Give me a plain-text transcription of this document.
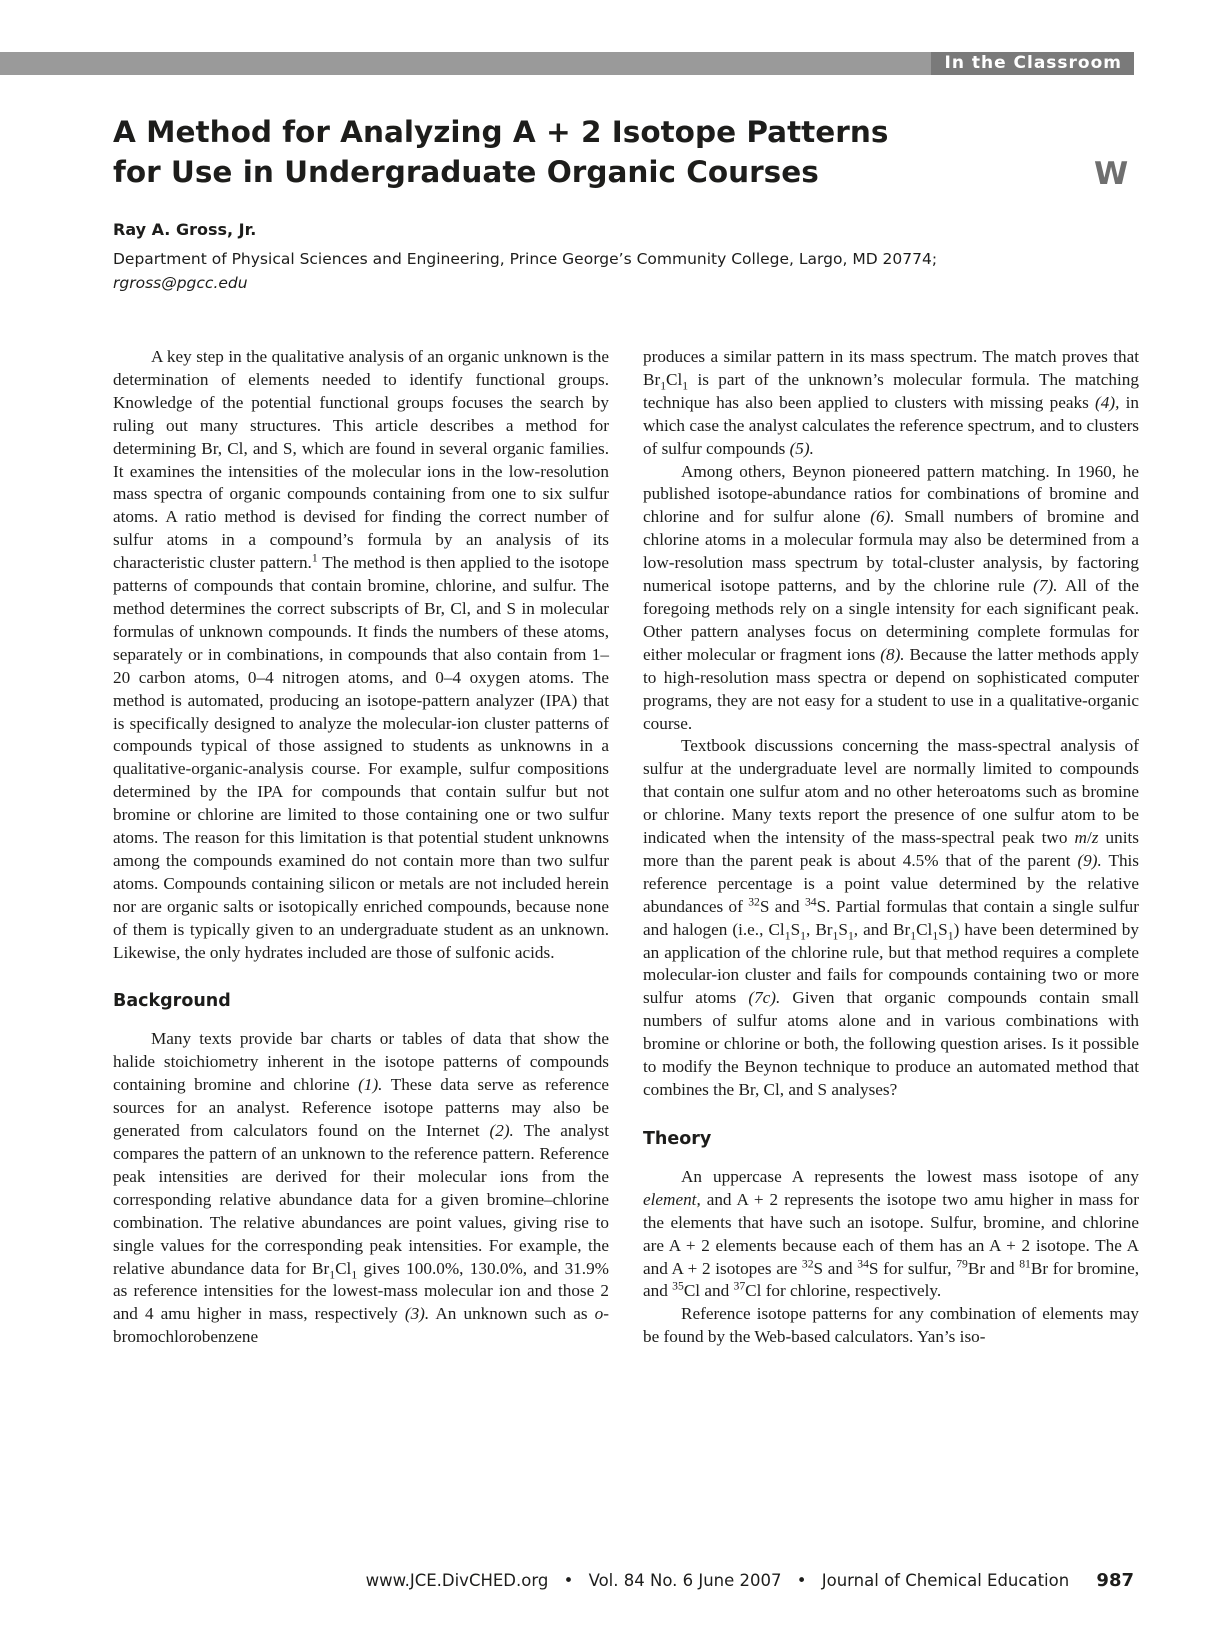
In the Classroom
A Method for Analyzing A + 2 Isotope Patterns
for Use in Undergraduate Organic Courses	W

Ray A. Gross, Jr.

Department of Physical Sciences and Engineering, Prince George’s Community College, Largo, MD 20774;
rgross@pgcc.edu

A key step in the qualitative analysis of an organic unknown is the determination of elements needed to identify functional groups. Knowledge of the potential functional groups focuses the search by ruling out many structures. This article describes a method for determining Br, Cl, and S, which are found in several organic families. It examines the intensities of the molecular ions in the low-resolution mass spectra of organic compounds containing from one to six sulfur atoms. A ratio method is devised for finding the correct number of sulfur atoms in a compound’s formula by an analysis of its characteristic cluster pattern.$^1$ The method is then applied to the isotope patterns of compounds that contain bromine, chlorine, and sulfur. The method determines the correct subscripts of Br, Cl, and S in molecular formulas of unknown compounds. It finds the numbers of these atoms, separately or in combinations, in compounds that also contain from 1–20 carbon atoms, 0–4 nitrogen atoms, and 0–4 oxygen atoms. The method is automated, producing an isotope-pattern analyzer (IPA) that is specifically designed to analyze the molecular-ion cluster patterns of compounds typical of those assigned to students as unknowns in a qualitative-organic-analysis course. For example, sulfur compositions determined by the IPA for compounds that contain sulfur but not bromine or chlorine are limited to those containing one or two sulfur atoms. The reason for this limitation is that potential student unknowns among the compounds examined do not contain more than two sulfur atoms. Compounds containing silicon or metals are not included herein nor are organic salts or isotopically enriched compounds, because none of them is typically given to an undergraduate student as an unknown. Likewise, the only hydrates included are those of sulfonic acids.

Background

Many texts provide bar charts or tables of data that show the halide stoichiometry inherent in the isotope patterns of compounds containing bromine and chlorine (1). These data serve as reference sources for an analyst. Reference isotope patterns may also be generated from calculators found on the Internet (2). The analyst compares the pattern of an unknown to the reference pattern. Reference peak intensities are derived for their molecular ions from the corresponding relative abundance data for a given bromine–chlorine combination. The relative abundances are point values, giving rise to single values for the corresponding peak intensities. For example, the relative abundance data for $Br_1Cl_1$ gives 100.0%, 130.0%, and 31.9% as reference intensities for the lowest-mass molecular ion and those 2 and 4 amu higher in mass, respectively (3). An unknown such as o-bromochlorobenzene

produces a similar pattern in its mass spectrum. The match proves that $Br_1Cl_1$ is part of the unknown’s molecular formula. The matching technique has also been applied to clusters with missing peaks (4), in which case the analyst calculates the reference spectrum, and to clusters of sulfur compounds (5).

Among others, Beynon pioneered pattern matching. In 1960, he published isotope-abundance ratios for combinations of bromine and chlorine and for sulfur alone (6). Small numbers of bromine and chlorine atoms in a molecular formula may also be determined from a low-resolution mass spectrum by total-cluster analysis, by factoring numerical isotope patterns, and by the chlorine rule (7). All of the foregoing methods rely on a single intensity for each significant peak. Other pattern analyses focus on determining complete formulas for either molecular or fragment ions (8). Because the latter methods apply to high-resolution mass spectra or depend on sophisticated computer programs, they are not easy for a student to use in a qualitative-organic course.

Textbook discussions concerning the mass-spectral analysis of sulfur at the undergraduate level are normally limited to compounds that contain one sulfur atom and no other heteroatoms such as bromine or chlorine. Many texts report the presence of one sulfur atom to be indicated when the intensity of the mass-spectral peak two m/z units more than the parent peak is about 4.5% that of the parent (9). This reference percentage is a point value determined by the relative abundances of $^{32}$S and $^{34}$S. Partial formulas that contain a single sulfur and halogen (i.e., $Cl_1S_1$, $Br_1S_1$, and $Br_1Cl_1S_1$) have been determined by an application of the chlorine rule, but that method requires a complete molecular-ion cluster and fails for compounds containing two or more sulfur atoms (7c). Given that organic compounds contain small numbers of sulfur atoms alone and in various combinations with bromine or chlorine or both, the following question arises. Is it possible to modify the Beynon technique to produce an automated method that combines the Br, Cl, and S analyses?

Theory

An uppercase A represents the lowest mass isotope of any element, and A + 2 represents the isotope two amu higher in mass for the elements that have such an isotope. Sulfur, bromine, and chlorine are A + 2 elements because each of them has an A + 2 isotope. The A and A + 2 isotopes are $^{32}$S and $^{34}$S for sulfur, $^{79}$Br and $^{81}$Br for bromine, and $^{35}$Cl and $^{37}$Cl for chlorine, respectively.

Reference isotope patterns for any combination of elements may be found by the Web-based calculators. Yan’s iso-

www.JCE.DivCHED.org • Vol. 84 No. 6 June 2007 • Journal of Chemical Education 987
